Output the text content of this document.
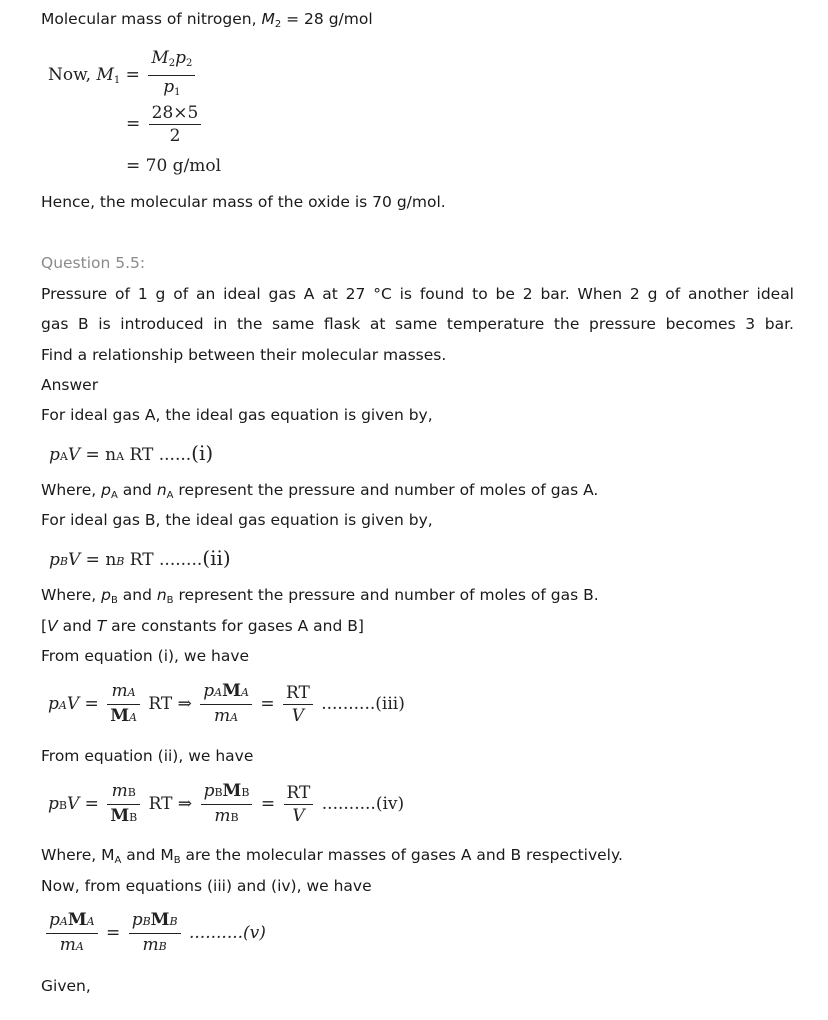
Molecular mass of nitrogen, $M_2 = 28$ g/mol
Now, $M_1 = \frac{M_2p_2}{p_1}$
= $\frac{28\times 5}{2}$
= 70 g/mol
Hence, the molecular mass of the oxide is 70 g/mol.
Question 5.5:
Pressure of 1 g of an ideal gas A at 27 °C is found to be 2 bar. When 2 g of another ideal
gas B is introduced in the same flask at same temperature the pressure becomes 3 bar.
Find a relationship between their molecular masses.
Answer
For ideal gas A, the ideal gas equation is given by,
pAV = nA RT ......(i)
Where, $p_A$ and $n_A$ represent the pressure and number of moles of gas A.
For ideal gas B, the ideal gas equation is given by,
pBV = nB RT ........(ii)
Where, $p_B$ and $n_B$ represent the pressure and number of moles of gas B.
[V and T are constants for gases A and B]
From equation (i), we have
pAV = $\frac{mA}{MA}$ RT ⇒ $\frac{\text{pAMA}}{mA} = \frac{RT}{V} ..........(iii)$
From equation (ii), we have
pBV = $\frac{mB}{MB}$ RT ⇒ $\frac{\text{pBMB}}{mB} = \frac{RT}{V} ..........(iv)$
Where, $M_A$ and $M_B$ are the molecular masses of gases A and B respectively.
Now, from equations (iii) and (iv), we have
$\frac{\text{pAMA}}{mA} = \frac{\text{pBMB}}{mB} ..........(v)$
Given,
